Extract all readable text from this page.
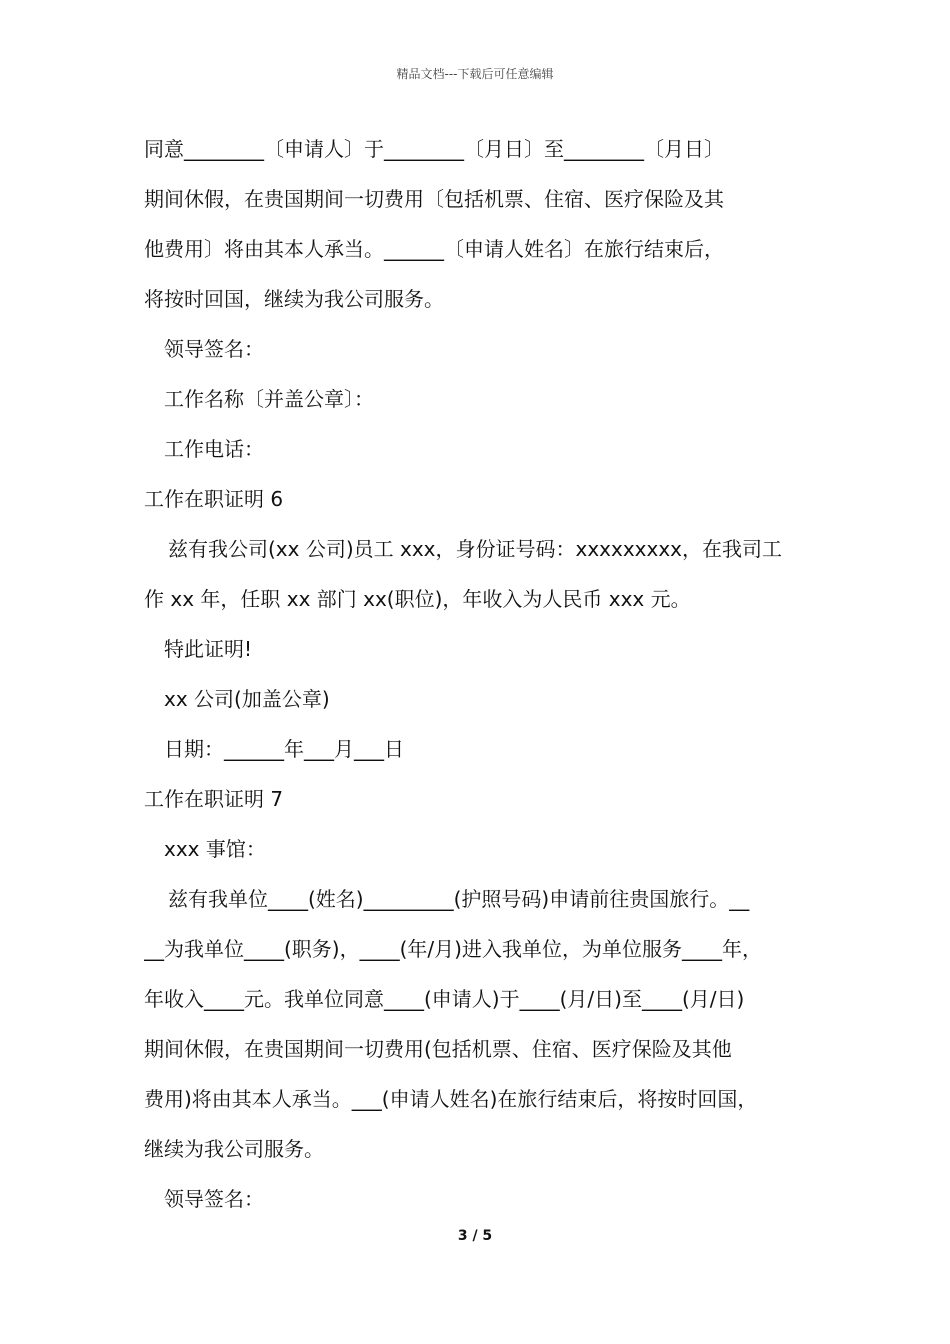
精品文档---下载后可任意编辑
同意________〔申请人〕于________〔月日〕至________〔月日〕
期间休假，在贵国期间一切费用〔包括机票、住宿、医疗保险及其
他费用〕将由其本人承当。______〔申请人姓名〕在旅行结束后，
将按时回国，继续为我公司服务。
领导签名：
工作名称〔并盖公章〕：
工作电话：
工作在职证明 6
兹有我公司(xx 公司)员工 xxx，身份证号码：xxxxxxxxx，在我司工
作 xx 年，任职 xx 部门 xx(职位)，年收入为人民币 xxx 元。
特此证明!
xx 公司(加盖公章)
日期：______年___月___日
工作在职证明 7
xxx 事馆：
兹有我单位____(姓名)_________(护照号码)申请前往贵国旅行。__
__为我单位____(职务)，____(年/月)进入我单位，为单位服务____年，
年收入____元。我单位同意____(申请人)于____(月/日)至____(月/日)
期间休假，在贵国期间一切费用(包括机票、住宿、医疗保险及其他
费用)将由其本人承当。___(申请人姓名)在旅行结束后，将按时回国，
继续为我公司服务。
领导签名：
3 / 5
